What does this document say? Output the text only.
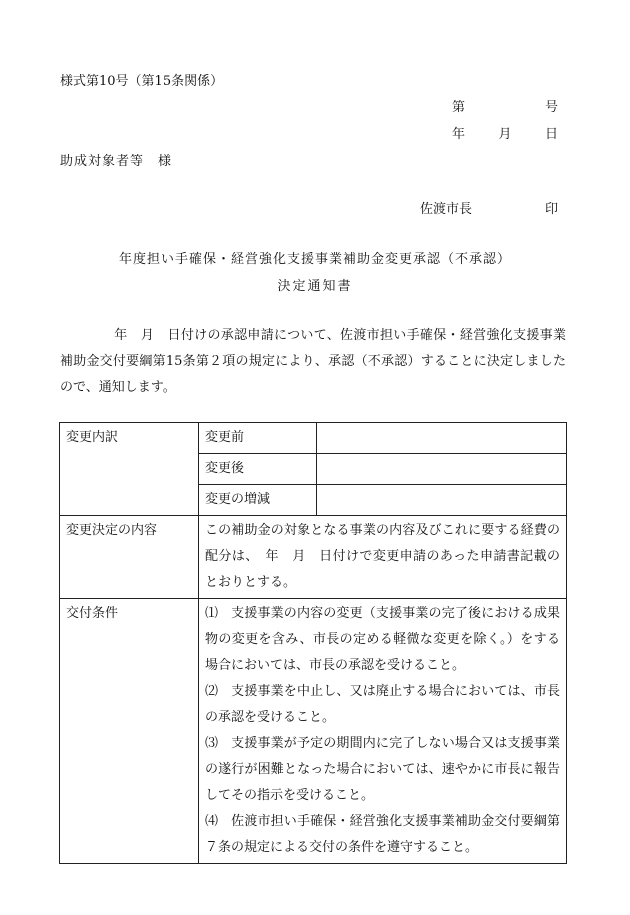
様式第10号（第15条関係）
第	号
年	月	日
助成対象者等　様
佐渡市長	印
年度担い手確保・経営強化支援事業補助金変更承認（不承認）
決定通知書
年　月　日付けの承認申請について、佐渡市担い手確保・経営強化支援事業補助金交付要綱第15条第２項の規定により、承認（不承認）することに決定しましたので、通知します。
変更内訳	変更前	
	変更後	
	変更の増減	
変更決定の内容	この補助金の対象となる事業の内容及びこれに要する経費の配分は、　年　月　日付けで変更申請のあった申請書記載のとおりとする。	
交付条件	⑴ 支援事業の内容の変更（支援事業の完了後における成果物の変更を含み、市長の定める軽微な変更を除く。）をする場合においては、市長の承認を受けること。

⑵ 支援事業を中止し、又は廃止する場合においては、市長の承認を受けること。

⑶ 支援事業が予定の期間内に完了しない場合又は支援事業の遂行が困難となった場合においては、速やかに市長に報告してその指示を受けること。

⑷ 佐渡市担い手確保・経営強化支援事業補助金交付要綱第７条の規定による交付の条件を遵守すること。	
